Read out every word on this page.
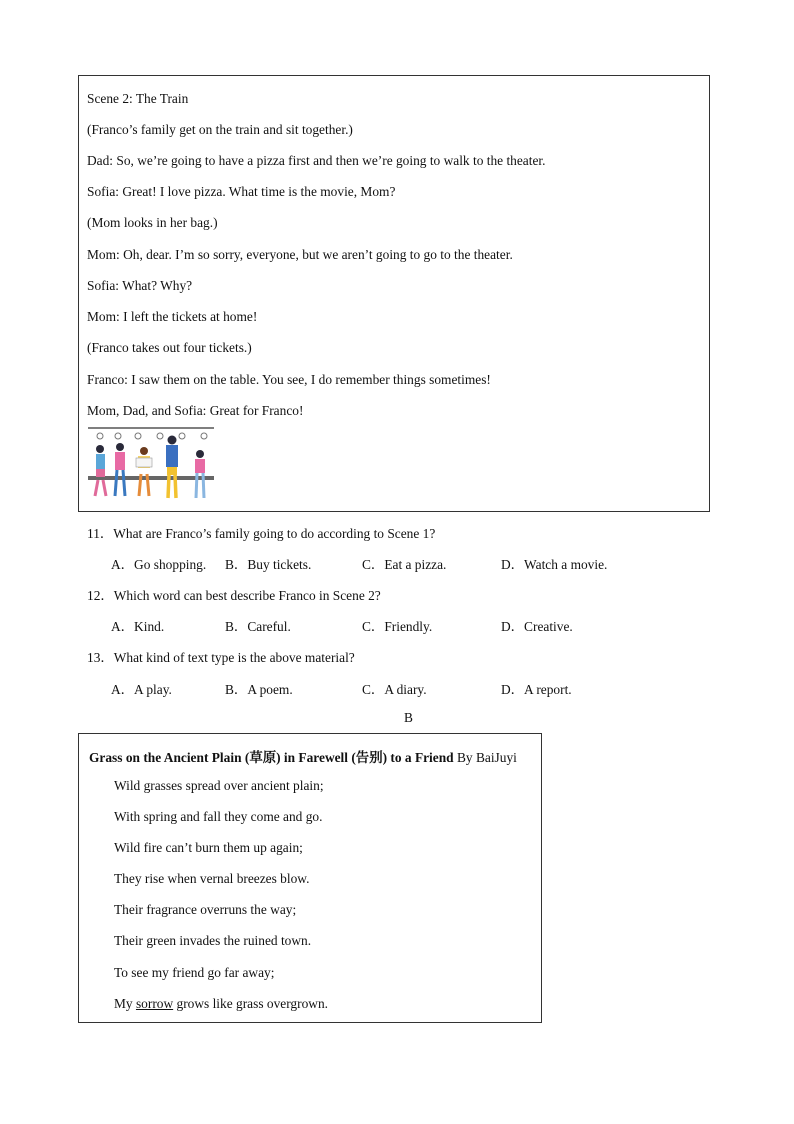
Scene 2: The Train
(Franco’s family get on the train and sit together.)
Dad: So, we’re going to have a pizza first and then we’re going to walk to the theater.
Sofia: Great! I love pizza. What time is the movie, Mom?
(Mom looks in her bag.)
Mom: Oh, dear. I’m so sorry, everyone, but we aren’t going to go to the theater.
Sofia: What? Why?
Mom: I left the tickets at home!
(Franco takes out four tickets.)
Franco: I saw them on the table. You see, I do remember things sometimes!
Mom, Dad, and Sofia: Great for Franco!
11．What are Franco’s family going to do according to Scene 1?
A．Go shopping. B．Buy tickets.	C．Eat a pizza.	D．Watch a movie.
12．Which word can best describe Franco in Scene 2?
A．Kind.	B．Careful.	C．Friendly.	D．Creative.
13．What kind of text type is the above material?
A．A play.	B．A poem.	C．A diary.	D．A report.
B
Grass on the Ancient Plain (草原) in Farewell (告别) to a Friend By BaiJuyi
Wild grasses spread over ancient plain;
With spring and fall they come and go.
Wild fire can’t burn them up again;
They rise when vernal breezes blow.
Their fragrance overruns the way;
Their green invades the ruined town.
To see my friend go far away;
My sorrow grows like grass overgrown.
